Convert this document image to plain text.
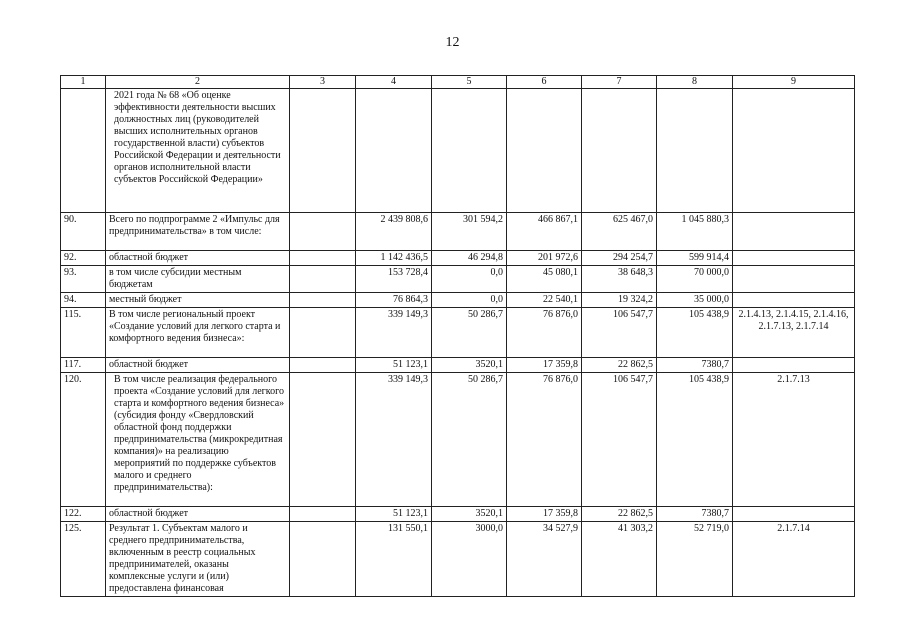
12
1	2	3	4	5	6	7	8	9
	2021 года № 68 «Об оценке эффективности деятельности высших должностных лиц (руководителей высших исполнительных органов государственной власти) субъектов Российской Федерации и деятельности органов исполнительной власти субъектов Российской Федерации»							
90.	Всего по подпрограмме 2 «Импульс для предпринимательства» в том числе:		2 439 808,6	301 594,2	466 867,1	625 467,0	1 045 880,3	
92.	областной бюджет		1 142 436,5	46 294,8	201 972,6	294 254,7	599 914,4	
93.	в том числе субсидии местным бюджетам		153 728,4	0,0	45 080,1	38 648,3	70 000,0	
94.	местный бюджет		76 864,3	0,0	22 540,1	19 324,2	35 000,0	
115.	В том числе региональный проект «Создание условий для легкого старта и комфортного ведения бизнеса»:		339 149,3	50 286,7	76 876,0	106 547,7	105 438,9	2.1.4.13, 2.1.4.15, 2.1.4.16, 2.1.7.13, 2.1.7.14
117.	областной бюджет		51 123,1	3520,1	17 359,8	22 862,5	7380,7	
120.	В том числе реализация федерального проекта «Создание условий для легкого старта и комфортного ведения бизнеса» (субсидия фонду «Свердловский областной фонд поддержки предпринимательства (микрокредитная компания)» на реализацию мероприятий по поддержке субъектов малого и среднего предпринимательства):		339 149,3	50 286,7	76 876,0	106 547,7	105 438,9	2.1.7.13
122.	областной бюджет		51 123,1	3520,1	17 359,8	22 862,5	7380,7	
125.	Результат 1. Субъектам малого и среднего предпринимательства, включенным в реестр социальных предпринимателей, оказаны комплексные услуги и (или) предоставлена финансовая		131 550,1	3000,0	34 527,9	41 303,2	52 719,0	2.1.7.14
